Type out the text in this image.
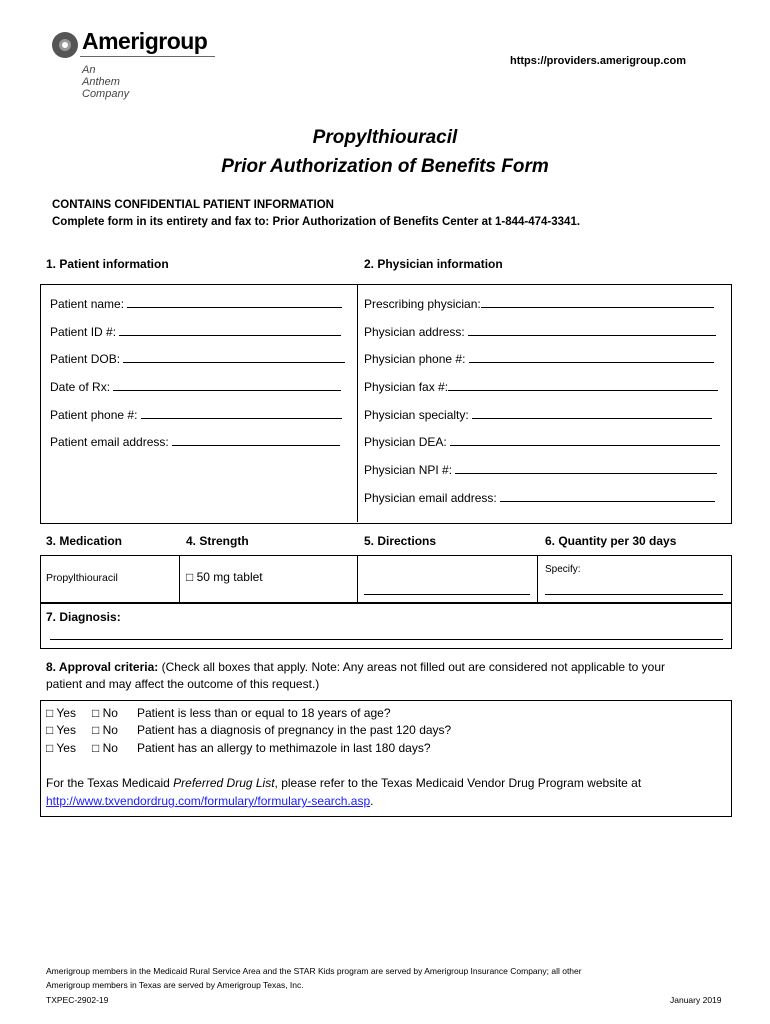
Amerigroup
An Anthem Company
https://providers.amerigroup.com
Propylthiouracil
Prior Authorization of Benefits Form
CONTAINS CONFIDENTIAL PATIENT INFORMATION
Complete form in its entirety and fax to: Prior Authorization of Benefits Center at 1-844-474-3341.
1. Patient information	2. Physician information
Patient name:
Patient ID #:
Patient DOB:
Date of Rx:
Patient phone #:
Patient email address:
Prescribing physician:
Physician address:
Physician phone #:
Physician fax #:
Physician specialty:
Physician DEA:
Physician NPI #:
Physician email address:
3. Medication	4. Strength	5. Directions	6. Quantity per 30 days
Propylthiouracil	□ 50 mg tablet
Specify:
7. Diagnosis:
8. Approval criteria: (Check all boxes that apply. Note: Any areas not filled out are considered not applicable to your
patient and may affect the outcome of this request.)
□ Yes □ No Patient is less than or equal to 18 years of age?
□ Yes □ No Patient has a diagnosis of pregnancy in the past 120 days?
□ Yes □ No Patient has an allergy to methimazole in last 180 days?
For the Texas Medicaid Preferred Drug List, please refer to the Texas Medicaid Vendor Drug Program website at
http://www.txvendordrug.com/formulary/formulary-search.asp.
Amerigroup members in the Medicaid Rural Service Area and the STAR Kids program are served by Amerigroup Insurance Company; all other
Amerigroup members in Texas are served by Amerigroup Texas, Inc.
TXPEC-2902-19	January 2019
